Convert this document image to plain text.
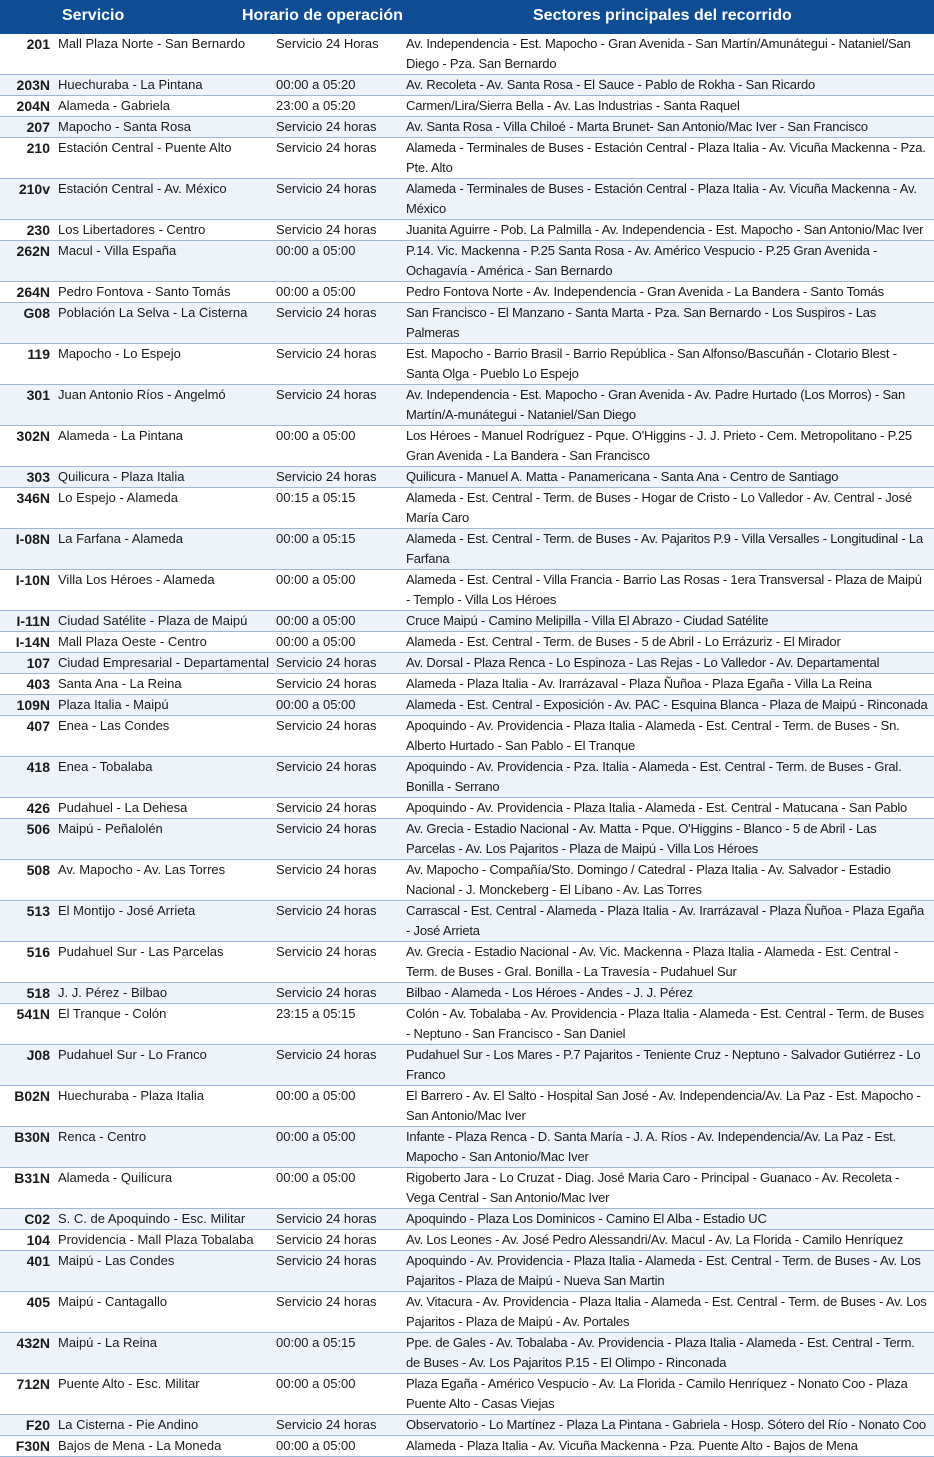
Servicio	Horario de operación	Sectores principales del recorrido
201	Mall Plaza Norte - San Bernardo	Servicio 24 Horas	Av. Independencia - Est. Mapocho - Gran Avenida - San Martín/Amunátegui - Nataniel/San Diego - Pza. San Bernardo
203N	Huechuraba - La Pintana	00:00 a 05:20	Av. Recoleta - Av. Santa Rosa - El Sauce - Pablo de Rokha - San Ricardo
204N	Alameda - Gabriela	23:00 a 05:20	Carmen/Lira/Sierra Bella - Av. Las Industrias - Santa Raquel
207	Mapocho - Santa Rosa	Servicio 24 horas	Av. Santa Rosa - Villa Chiloé - Marta Brunet- San Antonio/Mac Iver - San Francisco
210	Estación Central - Puente Alto	Servicio 24 horas	Alameda - Terminales de Buses - Estación Central - Plaza Italia - Av. Vicuña Mackenna - Pza. Pte. Alto
210v	Estación Central - Av. México	Servicio 24 horas	Alameda - Terminales de Buses - Estación Central - Plaza Italia - Av. Vicuña Mackenna - Av. México
230	Los Libertadores - Centro	Servicio 24 horas	Juanita Aguirre - Pob. La Palmilla - Av. Independencia - Est. Mapocho - San Antonio/Mac Iver
262N	Macul - Villa España	00:00 a 05:00	P.14. Vic. Mackenna - P.25 Santa Rosa - Av. Américo Vespucio - P.25 Gran Avenida - Ochagavía - América - San Bernardo
264N	Pedro Fontova - Santo Tomás	00:00 a 05:00	Pedro Fontova Norte - Av. Independencia - Gran Avenida - La Bandera - Santo Tomás
G08	Población La Selva - La Cisterna	Servicio 24 horas	San Francisco - El Manzano - Santa Marta - Pza. San Bernardo - Los Suspiros - Las Palmeras
119	Mapocho - Lo Espejo	Servicio 24 horas	Est. Mapocho - Barrio Brasil - Barrio República - San Alfonso/Bascuñán - Clotario Blest - Santa Olga - Pueblo Lo Espejo
301	Juan Antonio Ríos - Angelmó	Servicio 24 horas	Av. Independencia - Est. Mapocho - Gran Avenida - Av. Padre Hurtado (Los Morros) - San Martín/A-munátegui - Nataniel/San Diego
302N	Alameda - La Pintana	00:00 a 05:00	Los Héroes - Manuel Rodríguez - Pque. O'Higgins - J. J. Prieto - Cem. Metropolitano - P.25 Gran Avenida - La Bandera - San Francisco
303	Quilicura - Plaza Italia	Servicio 24 horas	Quilicura - Manuel A. Matta - Panamericana - Santa Ana - Centro de Santiago
346N	Lo Espejo - Alameda	00:15 a 05:15	Alameda - Est. Central - Term. de Buses - Hogar de Cristo - Lo Valledor - Av. Central - José María Caro
I-08N	La Farfana - Alameda	00:00 a 05:15	Alameda - Est. Central - Term. de Buses - Av. Pajaritos P.9 - Villa Versalles - Longitudinal - La Farfana
I-10N	Villa Los Héroes - Alameda	00:00 a 05:00	Alameda - Est. Central - Villa Francia - Barrio Las Rosas - 1era Transversal - Plaza de Maipú - Templo - Villa Los Héroes
I-11N	Ciudad Satélite - Plaza de Maipú	00:00 a 05:00	Cruce Maipú - Camino Melipilla - Villa El Abrazo - Ciudad Satélite
I-14N	Mall Plaza Oeste - Centro	00:00 a 05:00	Alameda - Est. Central - Term. de Buses - 5 de Abril - Lo Errázuriz - El Mirador
107	Ciudad Empresarial - Departamental	Servicio 24 horas	Av. Dorsal - Plaza Renca - Lo Espinoza - Las Rejas - Lo Valledor - Av. Departamental
403	Santa Ana - La Reina	Servicio 24 horas	Alameda - Plaza Italia - Av. Irarrázaval - Plaza Ñuñoa - Plaza Egaña - Villa La Reina
109N	Plaza Italia - Maipú	00:00 a 05:00	Alameda - Est. Central - Exposición - Av. PAC - Esquina Blanca - Plaza de Maipú - Rinconada
407	Enea - Las Condes	Servicio 24 horas	Apoquindo - Av. Providencia - Plaza Italia - Alameda - Est. Central - Term. de Buses - Sn. Alberto Hurtado - San Pablo - El Tranque
418	Enea - Tobalaba	Servicio 24 horas	Apoquindo - Av. Providencia - Pza. Italia - Alameda - Est. Central - Term. de Buses - Gral. Bonilla - Serrano
426	Pudahuel - La Dehesa	Servicio 24 horas	Apoquindo - Av. Providencia - Plaza Italia - Alameda - Est. Central - Matucana - San Pablo
506	Maipú - Peñalolén	Servicio 24 horas	Av. Grecia - Estadio Nacional - Av. Matta - Pque. O'Higgins - Blanco - 5 de Abril - Las Parcelas - Av. Los Pajaritos - Plaza de Maipú - Villa Los Héroes
508	Av. Mapocho - Av. Las Torres	Servicio 24 horas	Av. Mapocho - Compañía/Sto. Domingo / Catedral - Plaza Italia - Av. Salvador - Estadio Nacional - J. Monckeberg - El Líbano - Av. Las Torres
513	El Montijo - José Arrieta	Servicio 24 horas	Carrascal - Est. Central - Alameda - Plaza Italia - Av. Irarrázaval - Plaza Ñuñoa - Plaza Egaña - José Arrieta
516	Pudahuel Sur - Las Parcelas	Servicio 24 horas	Av. Grecia - Estadio Nacional - Av. Vic. Mackenna - Plaza Italia - Alameda - Est. Central - Term. de Buses - Gral. Bonilla - La Travesía - Pudahuel Sur
518	J. J. Pérez - Bilbao	Servicio 24 horas	Bilbao - Alameda - Los Héroes - Andes - J. J. Pérez
541N	El Tranque - Colón	23:15 a 05:15	Colón - Av. Tobalaba - Av. Providencia - Plaza Italia - Alameda - Est. Central - Term. de Buses - Neptuno - San Francisco - San Daniel
J08	Pudahuel Sur - Lo Franco	Servicio 24 horas	Pudahuel Sur - Los Mares - P.7 Pajaritos - Teniente Cruz - Neptuno - Salvador Gutiérrez - Lo Franco
B02N	Huechuraba - Plaza Italia	00:00 a 05:00	El Barrero - Av. El Salto - Hospital San José - Av. Independencia/Av. La Paz - Est. Mapocho - San Antonio/Mac Iver
B30N	Renca - Centro	00:00 a 05:00	Infante - Plaza Renca - D. Santa María - J. A. Ríos - Av. Independencia/Av. La Paz - Est. Mapocho - San Antonio/Mac Iver
B31N	Alameda - Quilicura	00:00 a 05:00	Rigoberto Jara - Lo Cruzat - Diag. José Maria Caro - Principal - Guanaco - Av. Recoleta - Vega Central - San Antonio/Mac Iver
C02	S. C. de Apoquindo - Esc. Militar	Servicio 24 horas	Apoquindo - Plaza Los Dominicos - Camino El Alba - Estadio UC
104	Providencia - Mall Plaza Tobalaba	Servicio 24 horas	Av. Los Leones - Av. José Pedro Alessandri/Av. Macul - Av. La Florida - Camilo Henríquez
401	Maipú - Las Condes	Servicio 24 horas	Apoquindo - Av. Providencia - Plaza Italia - Alameda - Est. Central - Term. de Buses - Av. Los Pajaritos - Plaza de Maipú - Nueva San Martin
405	Maipú - Cantagallo	Servicio 24 horas	Av. Vitacura - Av. Providencia - Plaza Italia - Alameda - Est. Central - Term. de Buses - Av. Los Pajaritos - Plaza de Maipú - Av. Portales
432N	Maipú - La Reina	00:00 a 05:15	Ppe. de Gales - Av. Tobalaba - Av. Providencia - Plaza Italia - Alameda - Est. Central - Term. de Buses - Av. Los Pajaritos P.15 - El Olimpo - Rinconada
712N	Puente Alto - Esc. Militar	00:00 a 05:00	Plaza Egaña - Américo Vespucio - Av. La Florida - Camilo Henríquez - Nonato Coo - Plaza Puente Alto - Casas Viejas
F20	La Cisterna - Pie Andino	Servicio 24 horas	Observatorio - Lo Martínez - Plaza La Pintana - Gabriela - Hosp. Sótero del Río - Nonato Coo
F30N	Bajos de Mena - La Moneda	00:00 a 05:00	Alameda - Plaza Italia - Av. Vicuña Mackenna - Pza. Puente Alto - Bajos de Mena
